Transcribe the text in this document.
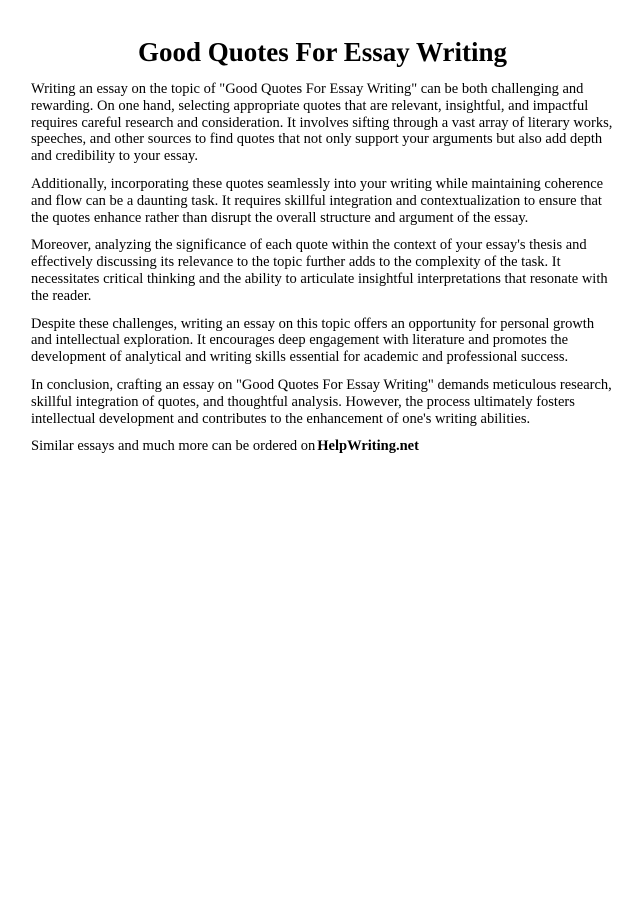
Good Quotes For Essay Writing

Writing an essay on the topic of "Good Quotes For Essay Writing" can be both challenging and rewarding. On one hand, selecting appropriate quotes that are relevant, insightful, and impactful requires careful research and consideration. It involves sifting through a vast array of literary works, speeches, and other sources to find quotes that not only support your arguments but also add depth and credibility to your essay.

Additionally, incorporating these quotes seamlessly into your writing while maintaining coherence and flow can be a daunting task. It requires skillful integration and contextualization to ensure that the quotes enhance rather than disrupt the overall structure and argument of the essay.

Moreover, analyzing the significance of each quote within the context of your essay's thesis and effectively discussing its relevance to the topic further adds to the complexity of the task. It necessitates critical thinking and the ability to articulate insightful interpretations that resonate with the reader.

Despite these challenges, writing an essay on this topic offers an opportunity for personal growth and intellectual exploration. It encourages deep engagement with literature and promotes the development of analytical and writing skills essential for academic and professional success.

In conclusion, crafting an essay on "Good Quotes For Essay Writing" demands meticulous research, skillful integration of quotes, and thoughtful analysis. However, the process ultimately fosters intellectual development and contributes to the enhancement of one's writing abilities.

Similar essays and much more can be ordered on HelpWriting.net
